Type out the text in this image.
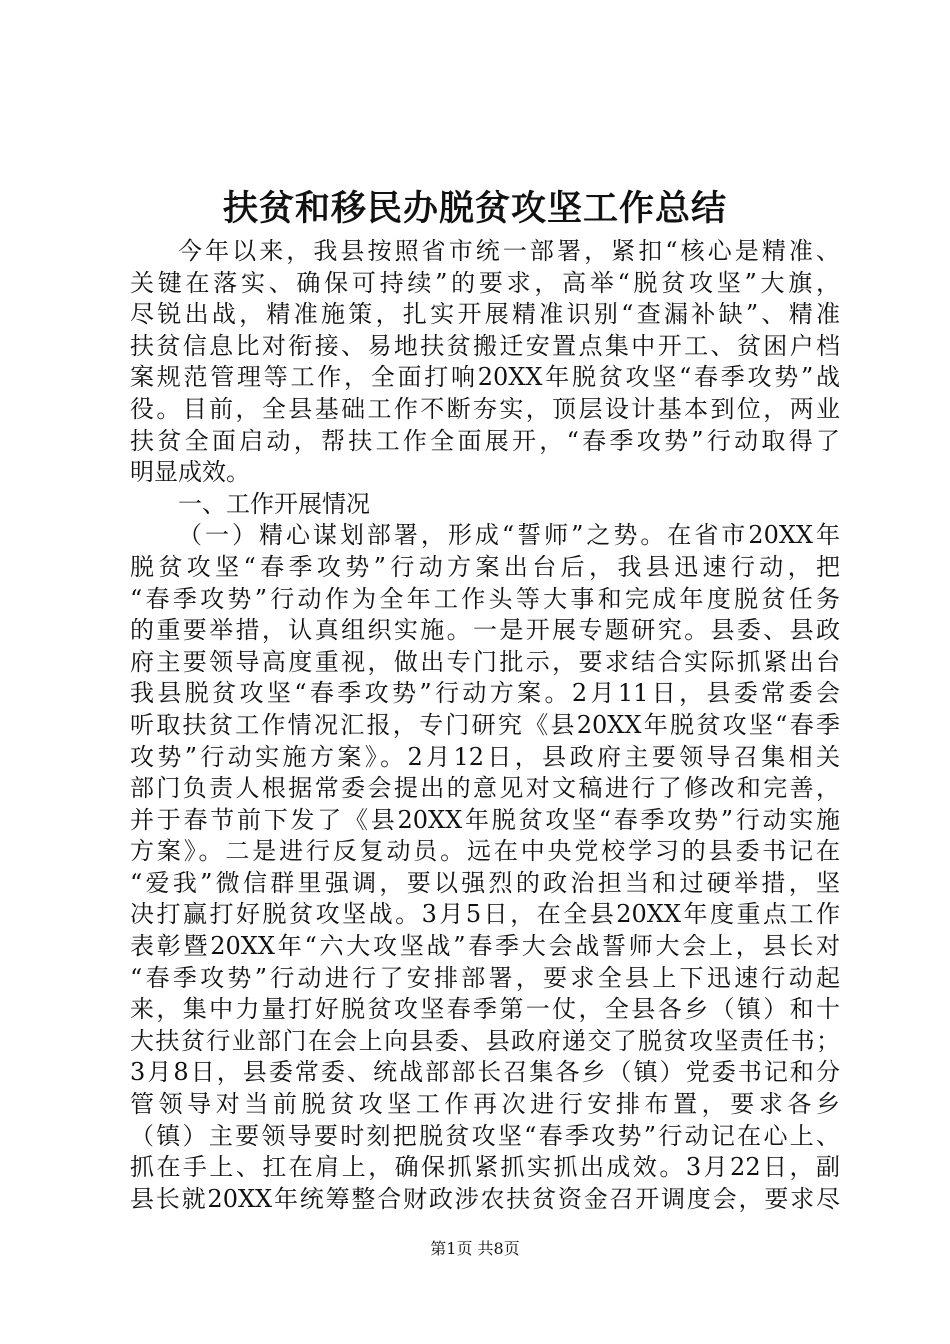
扶贫和移民办脱贫攻坚工作总结
今年以来，我县按照省市统一部署，紧扣“核心是精准、
关键在落实、确保可持续”的要求，高举“脱贫攻坚”大旗，
尽锐出战，精准施策，扎实开展精准识别“查漏补缺”、精准
扶贫信息比对衔接、易地扶贫搬迁安置点集中开工、贫困户档
案规范管理等工作，全面打响20XX年脱贫攻坚“春季攻势”战
役。目前，全县基础工作不断夯实，顶层设计基本到位，两业
扶贫全面启动，帮扶工作全面展开，“春季攻势”行动取得了
明显成效。
一、工作开展情况
（一）精心谋划部署，形成“誓师”之势。在省市20XX年
脱贫攻坚“春季攻势”行动方案出台后，我县迅速行动，把
“春季攻势”行动作为全年工作头等大事和完成年度脱贫任务
的重要举措，认真组织实施。一是开展专题研究。县委、县政
府主要领导高度重视，做出专门批示，要求结合实际抓紧出台
我县脱贫攻坚“春季攻势”行动方案。2月11日，县委常委会
听取扶贫工作情况汇报，专门研究《县20XX年脱贫攻坚“春季
攻势”行动实施方案》。2月12日，县政府主要领导召集相关
部门负责人根据常委会提出的意见对文稿进行了修改和完善，
并于春节前下发了《县20XX年脱贫攻坚“春季攻势”行动实施
方案》。二是进行反复动员。远在中央党校学习的县委书记在
“爱我”微信群里强调，要以强烈的政治担当和过硬举措，坚
决打赢打好脱贫攻坚战。3月5日，在全县20XX年度重点工作
表彰暨20XX年“六大攻坚战”春季大会战誓师大会上，县长对
“春季攻势”行动进行了安排部署，要求全县上下迅速行动起
来，集中力量打好脱贫攻坚春季第一仗，全县各乡（镇）和十
大扶贫行业部门在会上向县委、县政府递交了脱贫攻坚责任书；
3月8日，县委常委、统战部部长召集各乡（镇）党委书记和分
管领导对当前脱贫攻坚工作再次进行安排布置，要求各乡
（镇）主要领导要时刻把脱贫攻坚“春季攻势”行动记在心上、
抓在手上、扛在肩上，确保抓紧抓实抓出成效。3月22日，副
县长就20XX年统筹整合财政涉农扶贫资金召开调度会，要求尽
第1页 共8页
